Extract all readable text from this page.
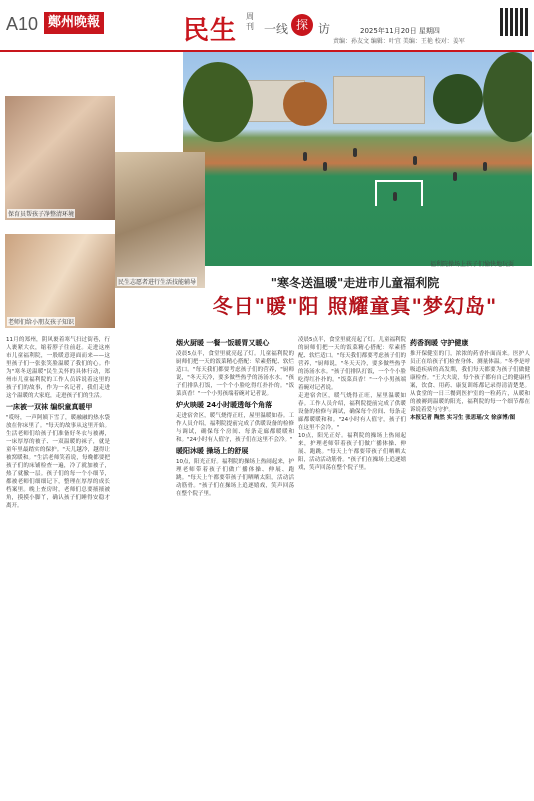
A10 鄭州晚報	民生 周刊 一线 探 访	2025年11月20日 星期四
责编：孙友文 编辑：叶宜 美编：王艳 校对：姜军
福利院操场上孩子们愉快地玩耍
保育员帮孩子净整清环境
民生志愿者进行生活技能辅导
老师们给小朋友孩子知识
"寒冬送温暖"走进市儿童福利院
冬日"暖"阳 照耀童真"梦幻岛"
11月的郑州，阴风裹着寒气扫过街巷，行人裹紧大衣，缩着脖子往前赶。走进这座市儿童福利院，一股暖意迎面而来——这里孩子们一张张笑脸温暖了我们的心。作为"寒冬送温暖"民生关怀的具体行动，郑州市儿童福利院的工作人员诉说着这里的孩子们的故事，作为一名记者，我们走进这个温暖的大家庭，走进孩子们的生活。
一床被一双袜 编织童真暖甲
"哎呀，一声阿姨下雪了，暖融融的热水袋放在你床里了。"每天的故事从这里开始。生活老师们给孩子们准备好冬衣与被褥，一床厚厚的被子、一双温暖的袜子，就是童年里最踏实的保护。"天儿越冷，越得让被窝暖和。"生活老师笑着说，每晚都要把孩子们的床铺检查一遍，冷了就加被子，热了就撤一层。孩子们的每一个小细节，都被老师们细细记下，整理在厚厚的成长档案里。晚上查房时，老师们总要掖掖被角，摸摸小脚丫，确认孩子们睡得安稳才离开。
烟火厨暖 一餐一饭暖胃又暖心
凌晨5点半，食堂里就亮起了灯。儿童福利院的厨师们把一天的饭菜精心搭配：荤素搭配、软烂适口。"每天我们都要考虑孩子们的营养，"厨师说，"冬天天冷，要多做些热乎的汤汤水水。"孩子们排队打饭，一个个小脸吃得红扑扑的。"饭菜真香！"一个小男孩端着碗对记者说。
炉火映暖 24小时暖透每个角落
走进宿舍区，暖气烧得正旺，屋里温暖如春。工作人员介绍，福利院提前完成了供暖设备的检修与调试，确保每个房间、每条走廊都暖暖和和。"24小时有人值守，孩子们在这里不会冷。"
暖阳沐暖 操场上的舒展
10点，阳光正好。福利院的操场上热闹起来，护理老师带着孩子们做广播体操、伸展、跑跳。"每天上午都要带孩子们晒晒太阳，活动活动筋骨。"孩子们在操场上追逐嬉戏，笑声回荡在整个院子里。
凌晨5点半，食堂里就亮起了灯。儿童福利院的厨师们把一天的饭菜精心搭配：荤素搭配、软烂适口。"每天我们都要考虑孩子们的营养，"厨师说，"冬天天冷，要多做些热乎的汤汤水水。"孩子们排队打饭，一个个小脸吃得红扑扑的。"饭菜真香！"一个小男孩端着碗对记者说。
走进宿舍区，暖气烧得正旺，屋里温暖如春。工作人员介绍，福利院提前完成了供暖设备的检修与调试，确保每个房间、每条走廊都暖暖和和。"24小时有人值守，孩子们在这里不会冷。"
10点，阳光正好。福利院的操场上热闹起来，护理老师带着孩子们做广播体操、伸展、跑跳。"每天上午都要带孩子们晒晒太阳，活动活动筋骨。"孩子们在操场上追逐嬉戏，笑声回荡在整个院子里。
药香润暖 守护健康
推开保健室的门，浓浓的药香扑面而来。医护人员正在给孩子们检查身体、测量体温。"冬季是呼吸道疾病的高发期，我们每天都要为孩子们做健康检查。"王大夫说，每个孩子都有自己的健康档案，饮食、用药、康复训练都记录得清清楚楚。从食堂的一日三餐到医护室的一粒药片，从暖和的被褥到温暖的阳光，福利院的每一个细节都在诉说着爱与守护。
本报记者 陶然 实习生 张思瑶/文 徐彦博/图
